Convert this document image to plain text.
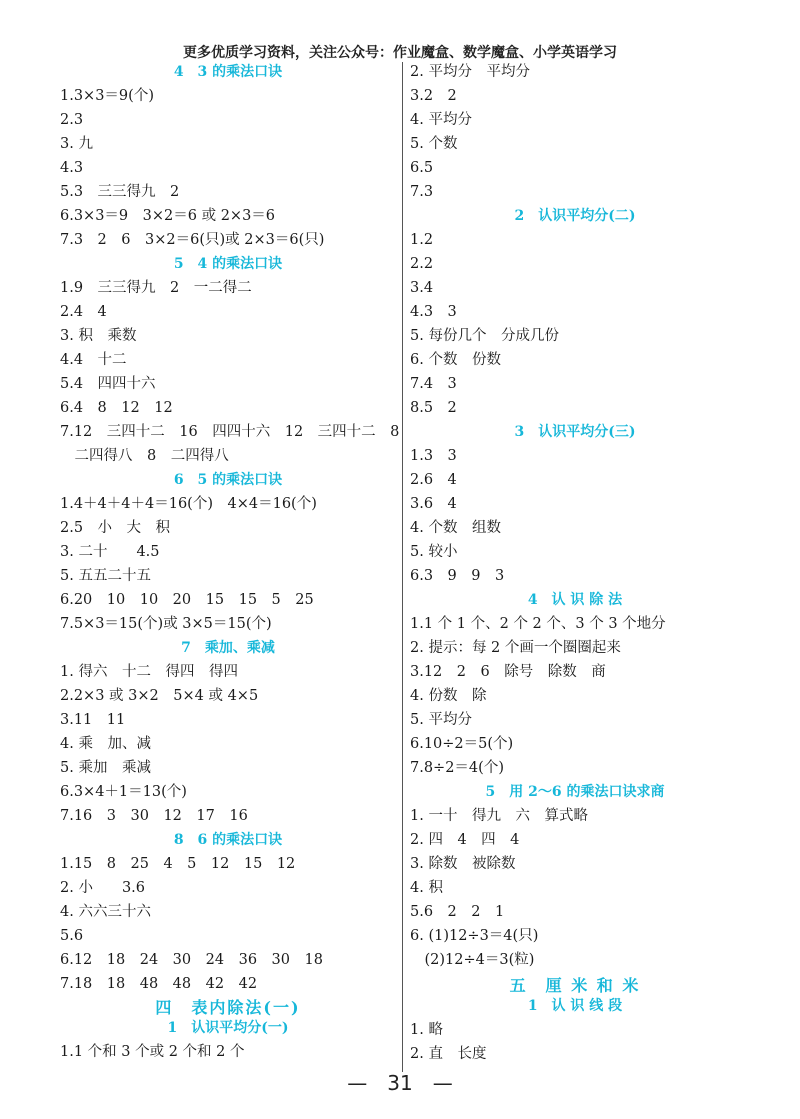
更多优质学习资料，关注公众号：作业魔盒、数学魔盒、小学英语学习
4　3 的乘法口诀
1.3×3＝9(个)
2.3
3. 九
4.3
5.3　三三得九　2
6.3×3＝9　3×2＝6 或 2×3＝6
7.3　2　6　3×2＝6(只)或 2×3＝6(只)
5　4 的乘法口诀
1.9　三三得九　2　一二得二
2.4　4
3. 积　乘数
4.4　十二
5.4　四四十六
6.4　8　12　12
7.12　三四十二　16　四四十六　12　三四十二　8
　二四得八　8　二四得八
6　5 的乘法口诀
1.4＋4＋4＋4＝16(个)　4×4＝16(个)
2.5　小　大　积
3. 二十　　4.5
5. 五五二十五
6.20　10　10　20　15　15　5　25
7.5×3＝15(个)或 3×5＝15(个)
7　乘加、乘减
1. 得六　十二　得四　得四
2.2×3 或 3×2　5×4 或 4×5
3.11　11
4. 乘　加、减
5. 乘加　乘减
6.3×4＋1＝13(个)
7.16　3　30　12　17　16
8　6 的乘法口诀
1.15　8　25　4　5　12　15　12
2. 小　　3.6
4. 六六三十六
5.6
6.12　18　24　30　24　36　30　18
7.18　18　48　48　42　42
四　表内除法(一)
1　认识平均分(一)
1.1 个和 3 个或 2 个和 2 个
2. 平均分　平均分
3.2　2
4. 平均分
5. 个数
6.5
7.3
2　认识平均分(二)
1.2
2.2
3.4
4.3　3
5. 每份几个　分成几份
6. 个数　份数
7.4　3
8.5　2
3　认识平均分(三)
1.3　3
2.6　4
3.6　4
4. 个数　组数
5. 较小
6.3　9　9　3
4　认 识 除 法
1.1 个 1 个、2 个 2 个、3 个 3 个地分
2. 提示：每 2 个画一个圈圈起来
3.12　2　6　除号　除数　商
4. 份数　除
5. 平均分
6.10÷2＝5(个)
7.8÷2＝4(个)
5　用 2～6 的乘法口诀求商
1. 一十　得九　六　算式略
2. 四　4　四　4
3. 除数　被除数
4. 积
5.6　2　2　1
6. (1)12÷3＝4(只)
　(2)12÷4＝3(粒)
五　厘 米 和 米
1　认 识 线 段
1. 略
2. 直　长度
—　31　—
